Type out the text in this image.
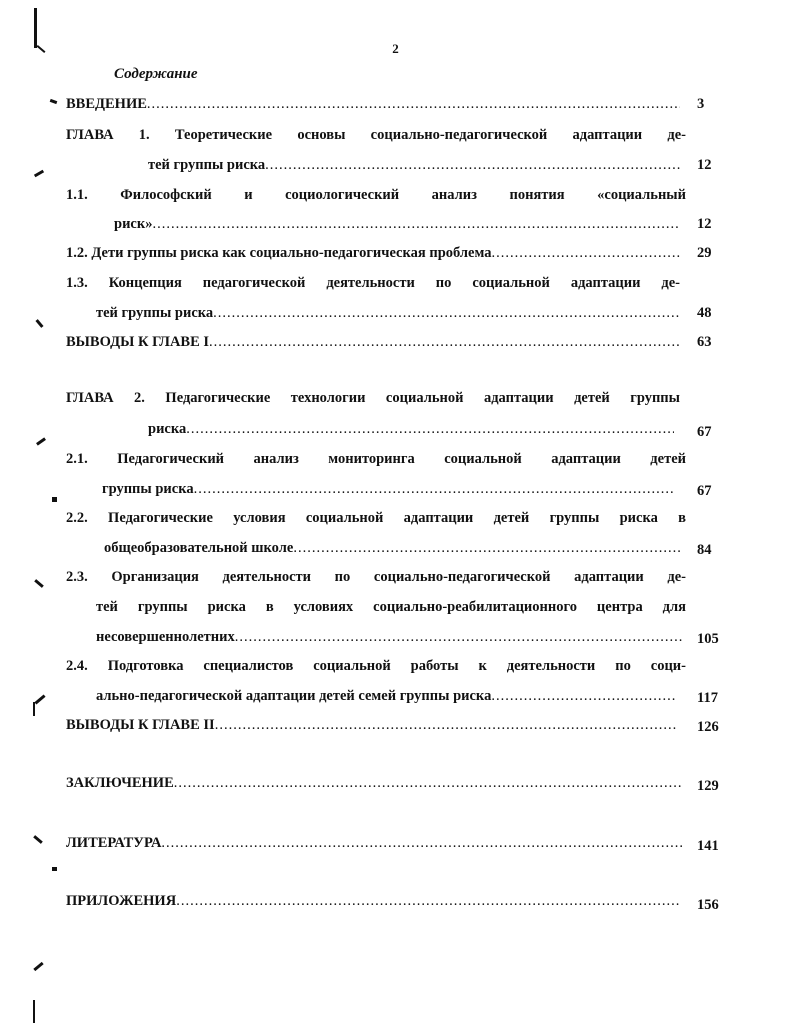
2
Содержание
ВВЕДЕНИЕ .....	3
ГЛАВА 1. Теоретические основы социально-педагогической адаптации де-
тей группы риска .....	12
1.1. Философский и социологический анализ понятия «социальный
риск» .....	12
1.2. Дети группы риска как социально-педагогическая проблема .....	29
1.3. Концепция педагогической деятельности по социальной адаптации де-
тей группы риска .....	48
ВЫВОДЫ К ГЛАВЕ I .....	63
ГЛАВА 2. Педагогические технологии социальной адаптации детей группы
риска .....	67
2.1. Педагогический анализ мониторинга социальной адаптации детей
группы риска .....	67
2.2. Педагогические условия социальной адаптации детей группы риска в
общеобразовательной школе .....	84
2.3. Организация деятельности по социально-педагогической адаптации де-
тей группы риска в условиях социально-реабилитационного центра для
несовершеннолетних .....	105
2.4. Подготовка специалистов социальной работы к деятельности по соци-
ально-педагогической адаптации детей семей группы риска .....	117
ВЫВОДЫ К ГЛАВЕ II .....	126
ЗАКЛЮЧЕНИЕ .....	129
ЛИТЕРАТУРА .....	141
ПРИЛОЖЕНИЯ .....	156
